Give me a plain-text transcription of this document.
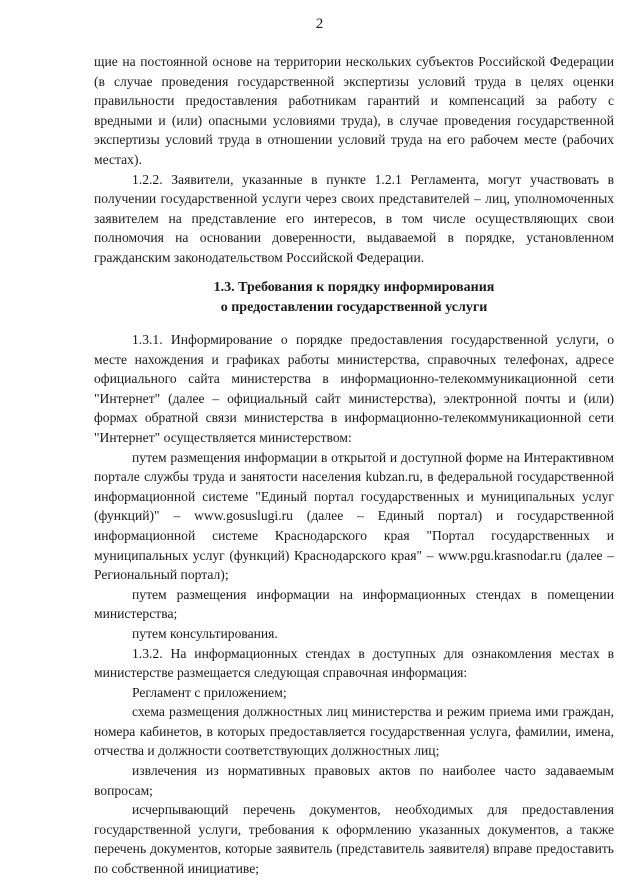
2

щие на постоянной основе на территории нескольких субъектов Российской Федерации (в случае проведения государственной экспертизы условий труда в целях оценки правильности предоставления работникам гарантий и компенсаций за работу с вредными и (или) опасными условиями труда), в случае проведения государственной экспертизы условий труда в отношении условий труда на его рабочем месте (рабочих местах).

1.2.2. Заявители, указанные в пункте 1.2.1 Регламента, могут участвовать в получении государственной услуги через своих представителей – лиц, уполномоченных заявителем на представление его интересов, в том числе осуществляющих свои полномочия на основании доверенности, выдаваемой в порядке, установленном гражданским законодательством Российской Федерации.

1.3. Требования к порядку информирования
о предоставлении государственной услуги

1.3.1. Информирование о порядке предоставления государственной услуги, о месте нахождения и графиках работы министерства, справочных телефонах, адресе официального сайта министерства в информационно-телекоммуникационной сети "Интернет" (далее – официальный сайт министерства), электронной почты и (или) формах обратной связи министерства в информационно-телекоммуникационной сети "Интернет" осуществляется министерством:

путем размещения информации в открытой и доступной форме на Интерактивном портале службы труда и занятости населения kubzan.ru, в федеральной государственной информационной системе "Единый портал государственных и муниципальных услуг (функций)" – www.gosuslugi.ru (далее – Единый портал) и государственной информационной системе Краснодарского края "Портал государственных и муниципальных услуг (функций) Краснодарского края" – www.pgu.krasnodar.ru (далее – Региональный портал);

путем размещения информации на информационных стендах в помещении министерства;

путем консультирования.

1.3.2. На информационных стендах в доступных для ознакомления местах в министерстве размещается следующая справочная информация:

Регламент с приложением;

схема размещения должностных лиц министерства и режим приема ими граждан, номера кабинетов, в которых предоставляется государственная услуга, фамилии, имена, отчества и должности соответствующих должностных лиц;

извлечения из нормативных правовых актов по наиболее часто задаваемым вопросам;

исчерпывающий перечень документов, необходимых для предоставления государственной услуги, требования к оформлению указанных документов, а также перечень документов, которые заявитель (представитель заявителя) вправе предоставить по собственной инициативе;
